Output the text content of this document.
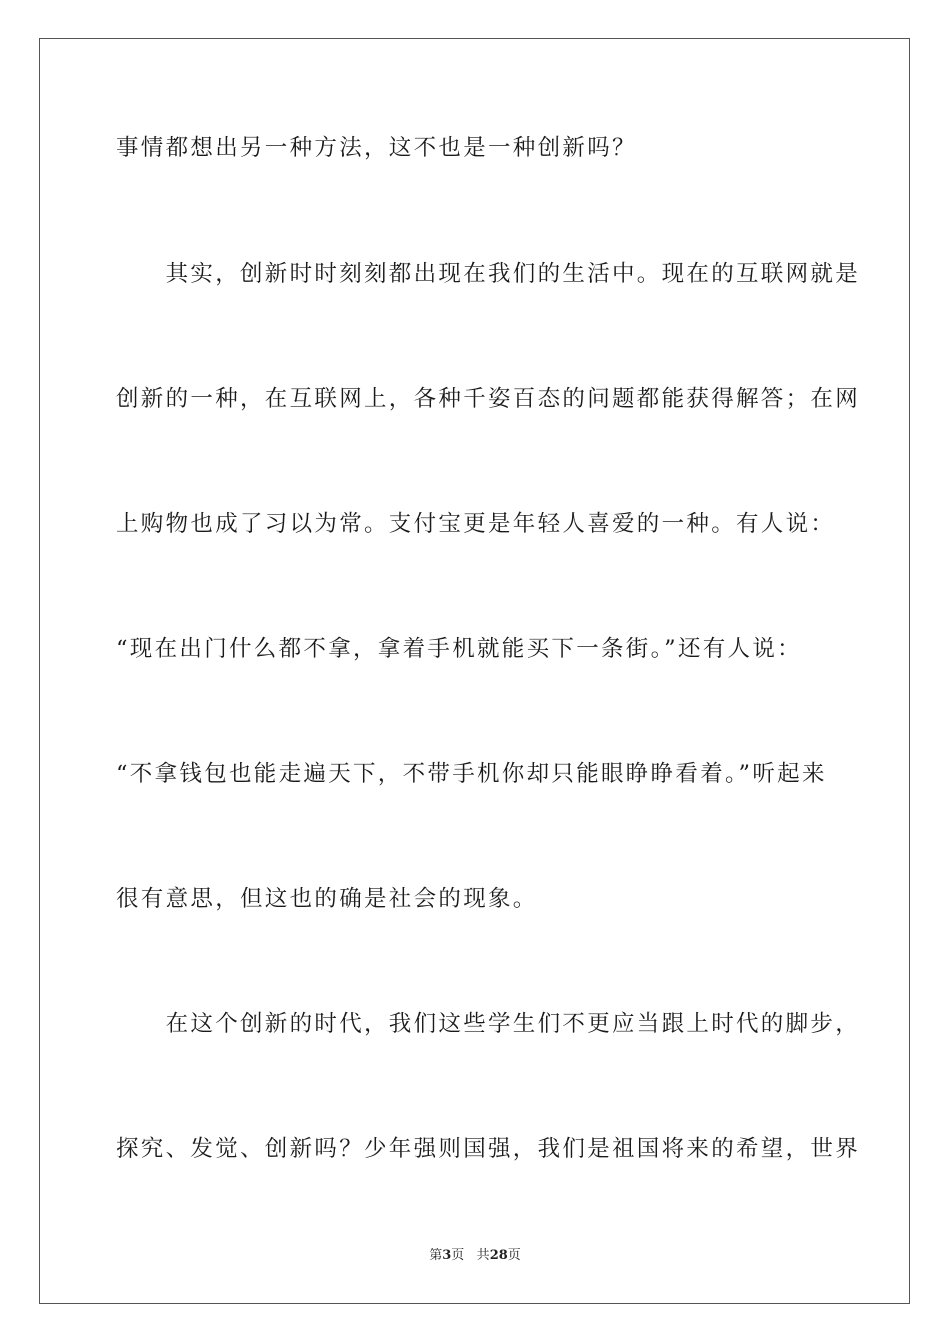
事情都想出另一种方法，这不也是一种创新吗？
　　其实，创新时时刻刻都出现在我们的生活中。现在的互联网就是
创新的一种，在互联网上，各种千姿百态的问题都能获得解答；在网
上购物也成了习以为常。支付宝更是年轻人喜爱的一种。有人说：
“现在出门什么都不拿，拿着手机就能买下一条街。”还有人说：
“不拿钱包也能走遍天下，不带手机你却只能眼睁睁看着。”听起来
很有意思，但这也的确是社会的现象。
　　在这个创新的时代，我们这些学生们不更应当跟上时代的脚步，
探究、发觉、创新吗？少年强则国强，我们是祖国将来的希望，世界
第3页 共28页
